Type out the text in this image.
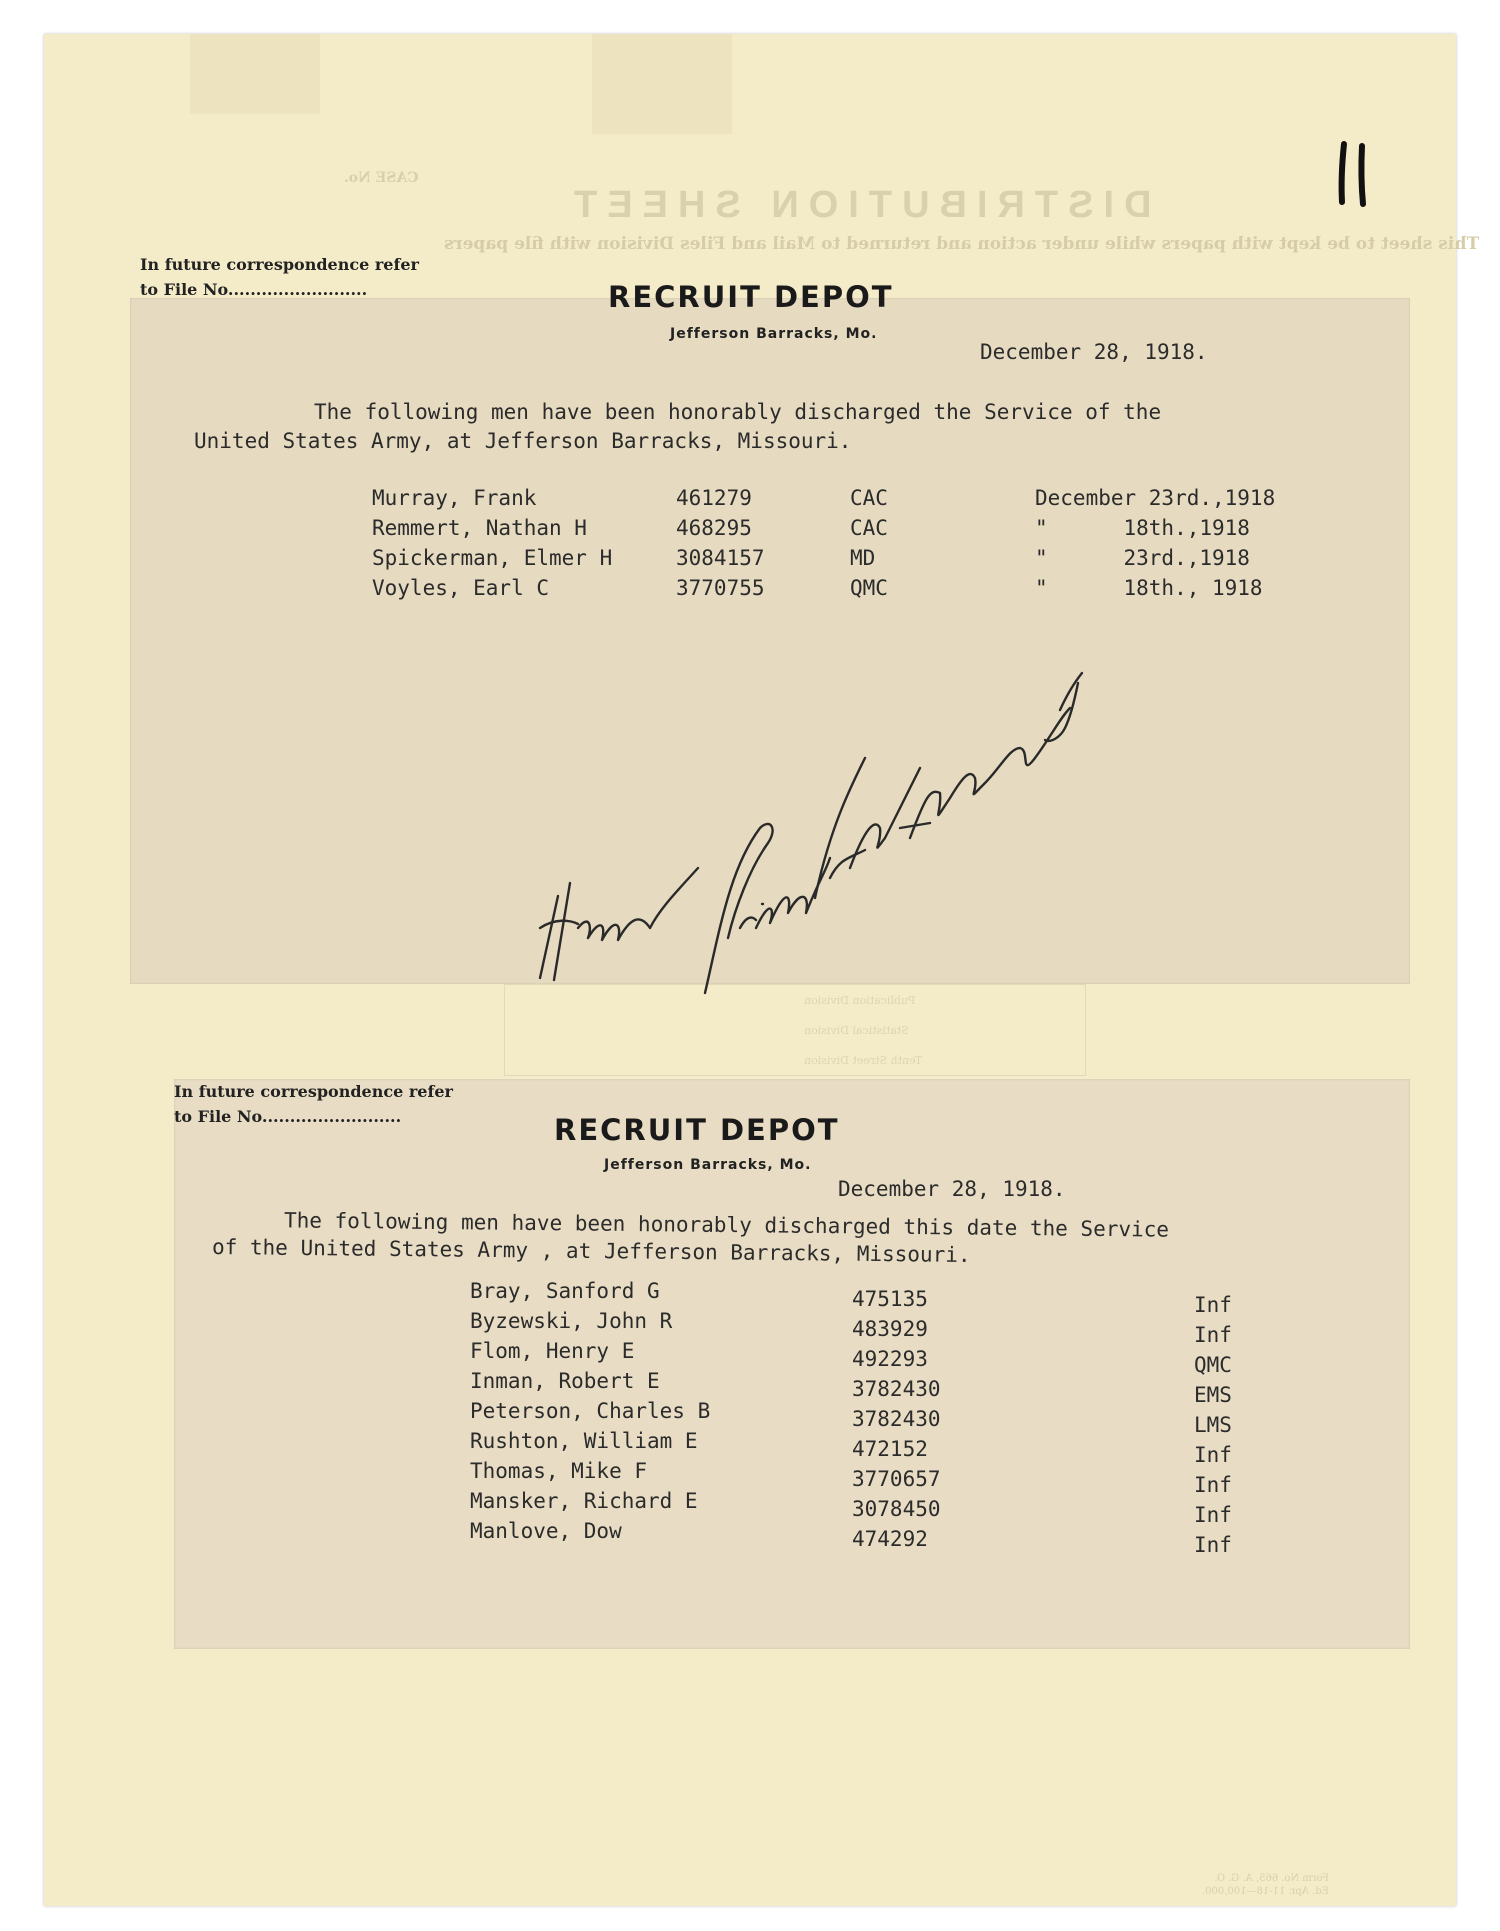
CASE No.
DISTRIBUTION SHEET
This sheet to be kept with papers while under action and returned to Mail and Files Division with file papers
Publication Division
Statistical Division
Tenth Street Division
Form No. 665, A. G. O.
Ed. Apr. 11-18—100,000.
11
In future correspondence refer
to File No.........................	RECRUIT DEPOT
Jefferson Barracks, Mo.
December 28, 1918.
The following men have been honorably discharged the Service of the
United States Army, at Jefferson Barracks, Missouri.
Murray, Frank	461279	CAC	December 23rd.,1918
Remmert, Nathan H	468295	CAC	"      18th.,1918
Spickerman, Elmer H	3084157	MD	"      23rd.,1918
Voyles, Earl C	3770755	QMC	"      18th., 1918
4 men final statement
In future correspondence refer
to File No.........................	RECRUIT DEPOT
Jefferson Barracks, Mo.
December 28, 1918.
The following men have been honorably discharged this date the Service
of the United States Army , at Jefferson Barracks, Missouri.
Bray, Sanford G	475135	Inf
Byzewski, John R	483929	Inf
Flom, Henry E	492293	QMC
Inman, Robert E	3782430	EMS
Peterson, Charles B	3782430	LMS
Rushton, William E	472152	Inf
Thomas, Mike F	3770657	Inf
Mansker, Richard E	3078450	Inf
Manlove, Dow	474292	Inf
